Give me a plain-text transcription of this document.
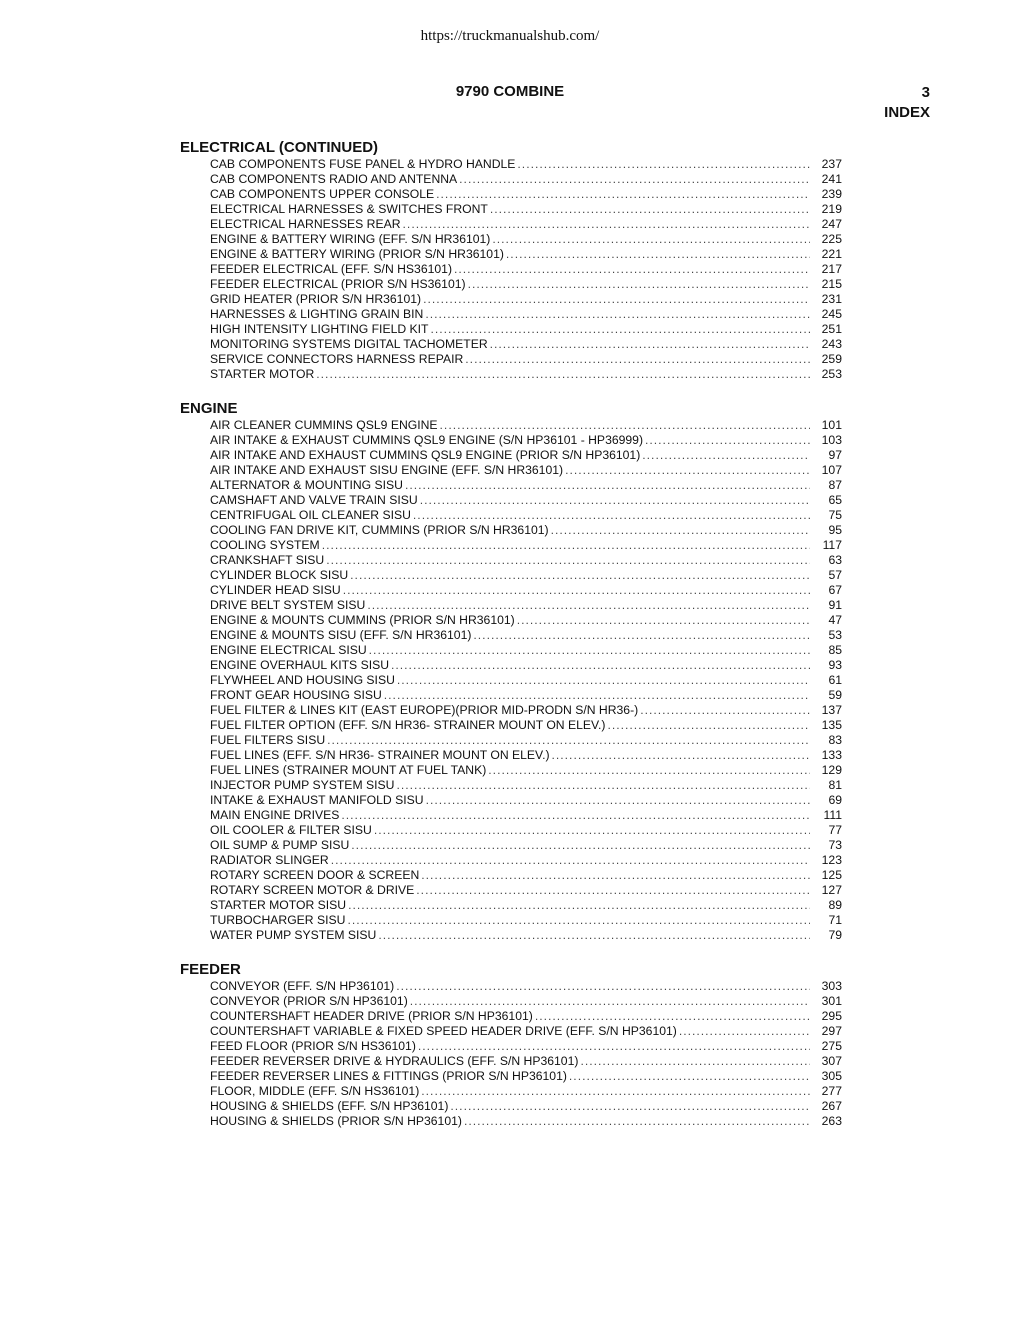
https://truckmanualshub.com/
9790 COMBINE	3
INDEX
ELECTRICAL (CONTINUED)
CAB COMPONENTS FUSE PANEL & HYDRO HANDLE .....	237
CAB COMPONENTS RADIO AND ANTENNA .....	241
CAB COMPONENTS UPPER CONSOLE .....	239
ELECTRICAL HARNESSES & SWITCHES FRONT .....	219
ELECTRICAL HARNESSES REAR .....	247
ENGINE & BATTERY WIRING (EFF. S/N HR36101) .....	225
ENGINE & BATTERY WIRING (PRIOR S/N HR36101) .....	221
FEEDER ELECTRICAL (EFF. S/N HS36101) .....	217
FEEDER ELECTRICAL (PRIOR S/N HS36101) .....	215
GRID HEATER (PRIOR S/N HR36101) .....	231
HARNESSES & LIGHTING GRAIN BIN .....	245
HIGH INTENSITY LIGHTING FIELD KIT .....	251
MONITORING SYSTEMS DIGITAL TACHOMETER .....	243
SERVICE CONNECTORS HARNESS REPAIR .....	259
STARTER MOTOR .....	253
ENGINE
AIR CLEANER CUMMINS QSL9 ENGINE .....	101
AIR INTAKE & EXHAUST CUMMINS QSL9 ENGINE (S/N HP36101 - HP36999) .....	103
AIR INTAKE AND EXHAUST CUMMINS QSL9 ENGINE (PRIOR S/N HP36101) .....	97
AIR INTAKE AND EXHAUST SISU ENGINE (EFF. S/N HR36101) .....	107
ALTERNATOR & MOUNTING SISU .....	87
CAMSHAFT AND VALVE TRAIN SISU .....	65
CENTRIFUGAL OIL CLEANER SISU .....	75
COOLING FAN DRIVE KIT, CUMMINS (PRIOR S/N HR36101) .....	95
COOLING SYSTEM .....	117
CRANKSHAFT SISU .....	63
CYLINDER BLOCK SISU .....	57
CYLINDER HEAD SISU .....	67
DRIVE BELT SYSTEM SISU .....	91
ENGINE & MOUNTS CUMMINS (PRIOR S/N HR36101) .....	47
ENGINE & MOUNTS SISU (EFF. S/N HR36101) .....	53
ENGINE ELECTRICAL SISU .....	85
ENGINE OVERHAUL KITS SISU .....	93
FLYWHEEL AND HOUSING SISU .....	61
FRONT GEAR HOUSING SISU .....	59
FUEL FILTER & LINES KIT (EAST EUROPE)(PRIOR MID-PRODN S/N HR36-) .....	137
FUEL FILTER OPTION (EFF. S/N HR36- STRAINER MOUNT ON ELEV.) .....	135
FUEL FILTERS SISU .....	83
FUEL LINES (EFF. S/N HR36- STRAINER MOUNT ON ELEV.) .....	133
FUEL LINES (STRAINER MOUNT AT FUEL TANK) .....	129
INJECTOR PUMP SYSTEM SISU .....	81
INTAKE & EXHAUST MANIFOLD SISU .....	69
MAIN ENGINE DRIVES .....	111
OIL COOLER & FILTER SISU .....	77
OIL SUMP & PUMP SISU .....	73
RADIATOR SLINGER .....	123
ROTARY SCREEN DOOR & SCREEN .....	125
ROTARY SCREEN MOTOR & DRIVE .....	127
STARTER MOTOR SISU .....	89
TURBOCHARGER SISU .....	71
WATER PUMP SYSTEM SISU .....	79
FEEDER
CONVEYOR (EFF. S/N HP36101) .....	303
CONVEYOR (PRIOR S/N HP36101) .....	301
COUNTERSHAFT HEADER DRIVE (PRIOR S/N HP36101) .....	295
COUNTERSHAFT VARIABLE & FIXED SPEED HEADER DRIVE (EFF. S/N HP36101) .....	297
FEED FLOOR (PRIOR S/N HS36101) .....	275
FEEDER REVERSER DRIVE & HYDRAULICS (EFF. S/N HP36101) .....	307
FEEDER REVERSER LINES & FITTINGS (PRIOR S/N HP36101) .....	305
FLOOR, MIDDLE (EFF. S/N HS36101) .....	277
HOUSING & SHIELDS (EFF. S/N HP36101) .....	267
HOUSING & SHIELDS (PRIOR S/N HP36101) .....	263
